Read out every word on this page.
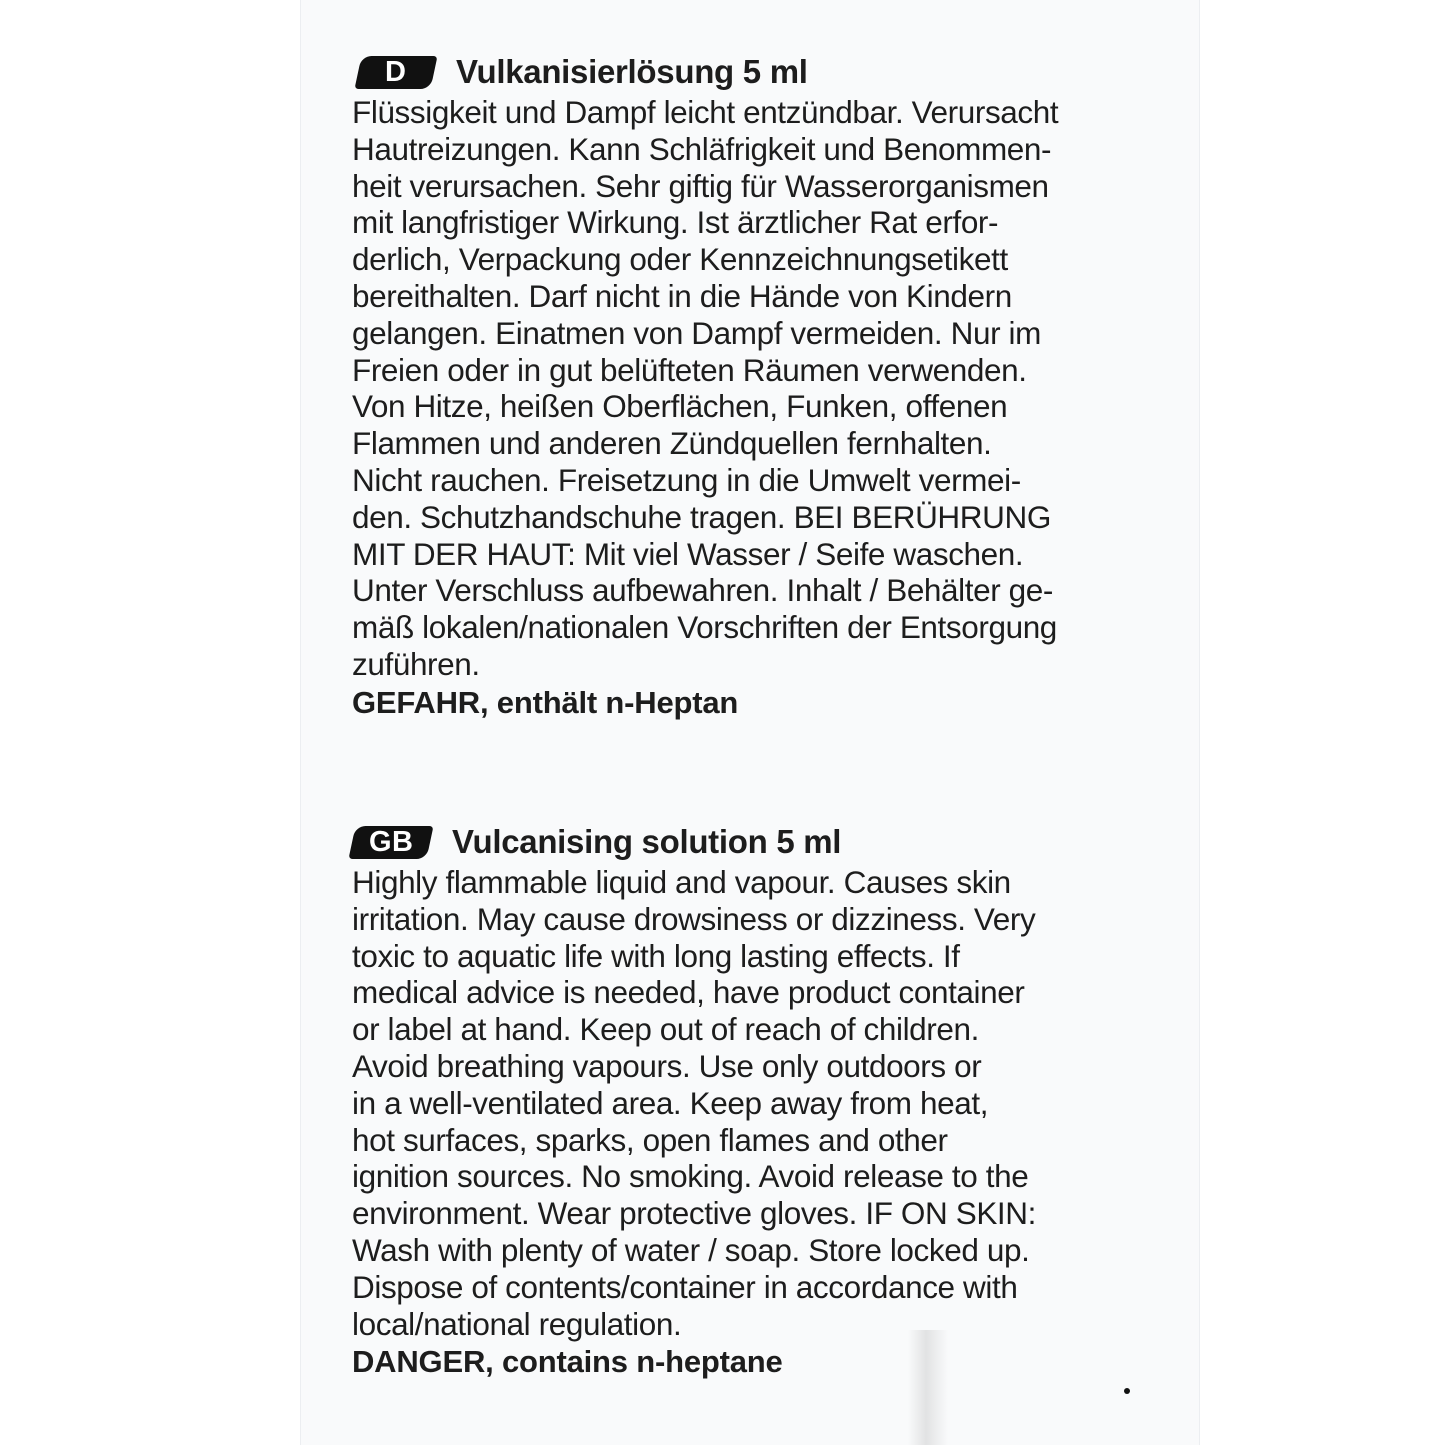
D Vulkanisierlösung 5 ml
Flüssigkeit und Dampf leicht entzündbar. Verursacht
Hautreizungen. Kann Schläfrigkeit und Benommen-
heit verursachen. Sehr giftig für Wasserorganismen
mit langfristiger Wirkung. Ist ärztlicher Rat erfor-
derlich, Verpackung oder Kennzeichnungsetikett
bereithalten. Darf nicht in die Hände von Kindern
gelangen. Einatmen von Dampf vermeiden. Nur im
Freien oder in gut belüfteten Räumen verwenden.
Von Hitze, heißen Oberflächen, Funken, offenen
Flammen und anderen Zündquellen fernhalten.
Nicht rauchen. Freisetzung in die Umwelt vermei-
den. Schutzhandschuhe tragen. BEI BERÜHRUNG
MIT DER HAUT: Mit viel Wasser / Seife waschen.
Unter Verschluss aufbewahren. Inhalt / Behälter ge-
mäß lokalen/nationalen Vorschriften der Entsorgung
zuführen.
GEFAHR, enthält n-Heptan
GB Vulcanising solution 5 ml
Highly flammable liquid and vapour. Causes skin
irritation. May cause drowsiness or dizziness. Very
toxic to aquatic life with long lasting effects. If
medical advice is needed, have product container
or label at hand. Keep out of reach of children.
Avoid breathing vapours. Use only outdoors or
in a well-ventilated area. Keep away from heat,
hot surfaces, sparks, open flames and other
ignition sources. No smoking. Avoid release to the
environment. Wear protective gloves. IF ON SKIN:
Wash with plenty of water / soap. Store locked up.
Dispose of contents/container in accordance with
local/national regulation.
DANGER, contains n-heptane
